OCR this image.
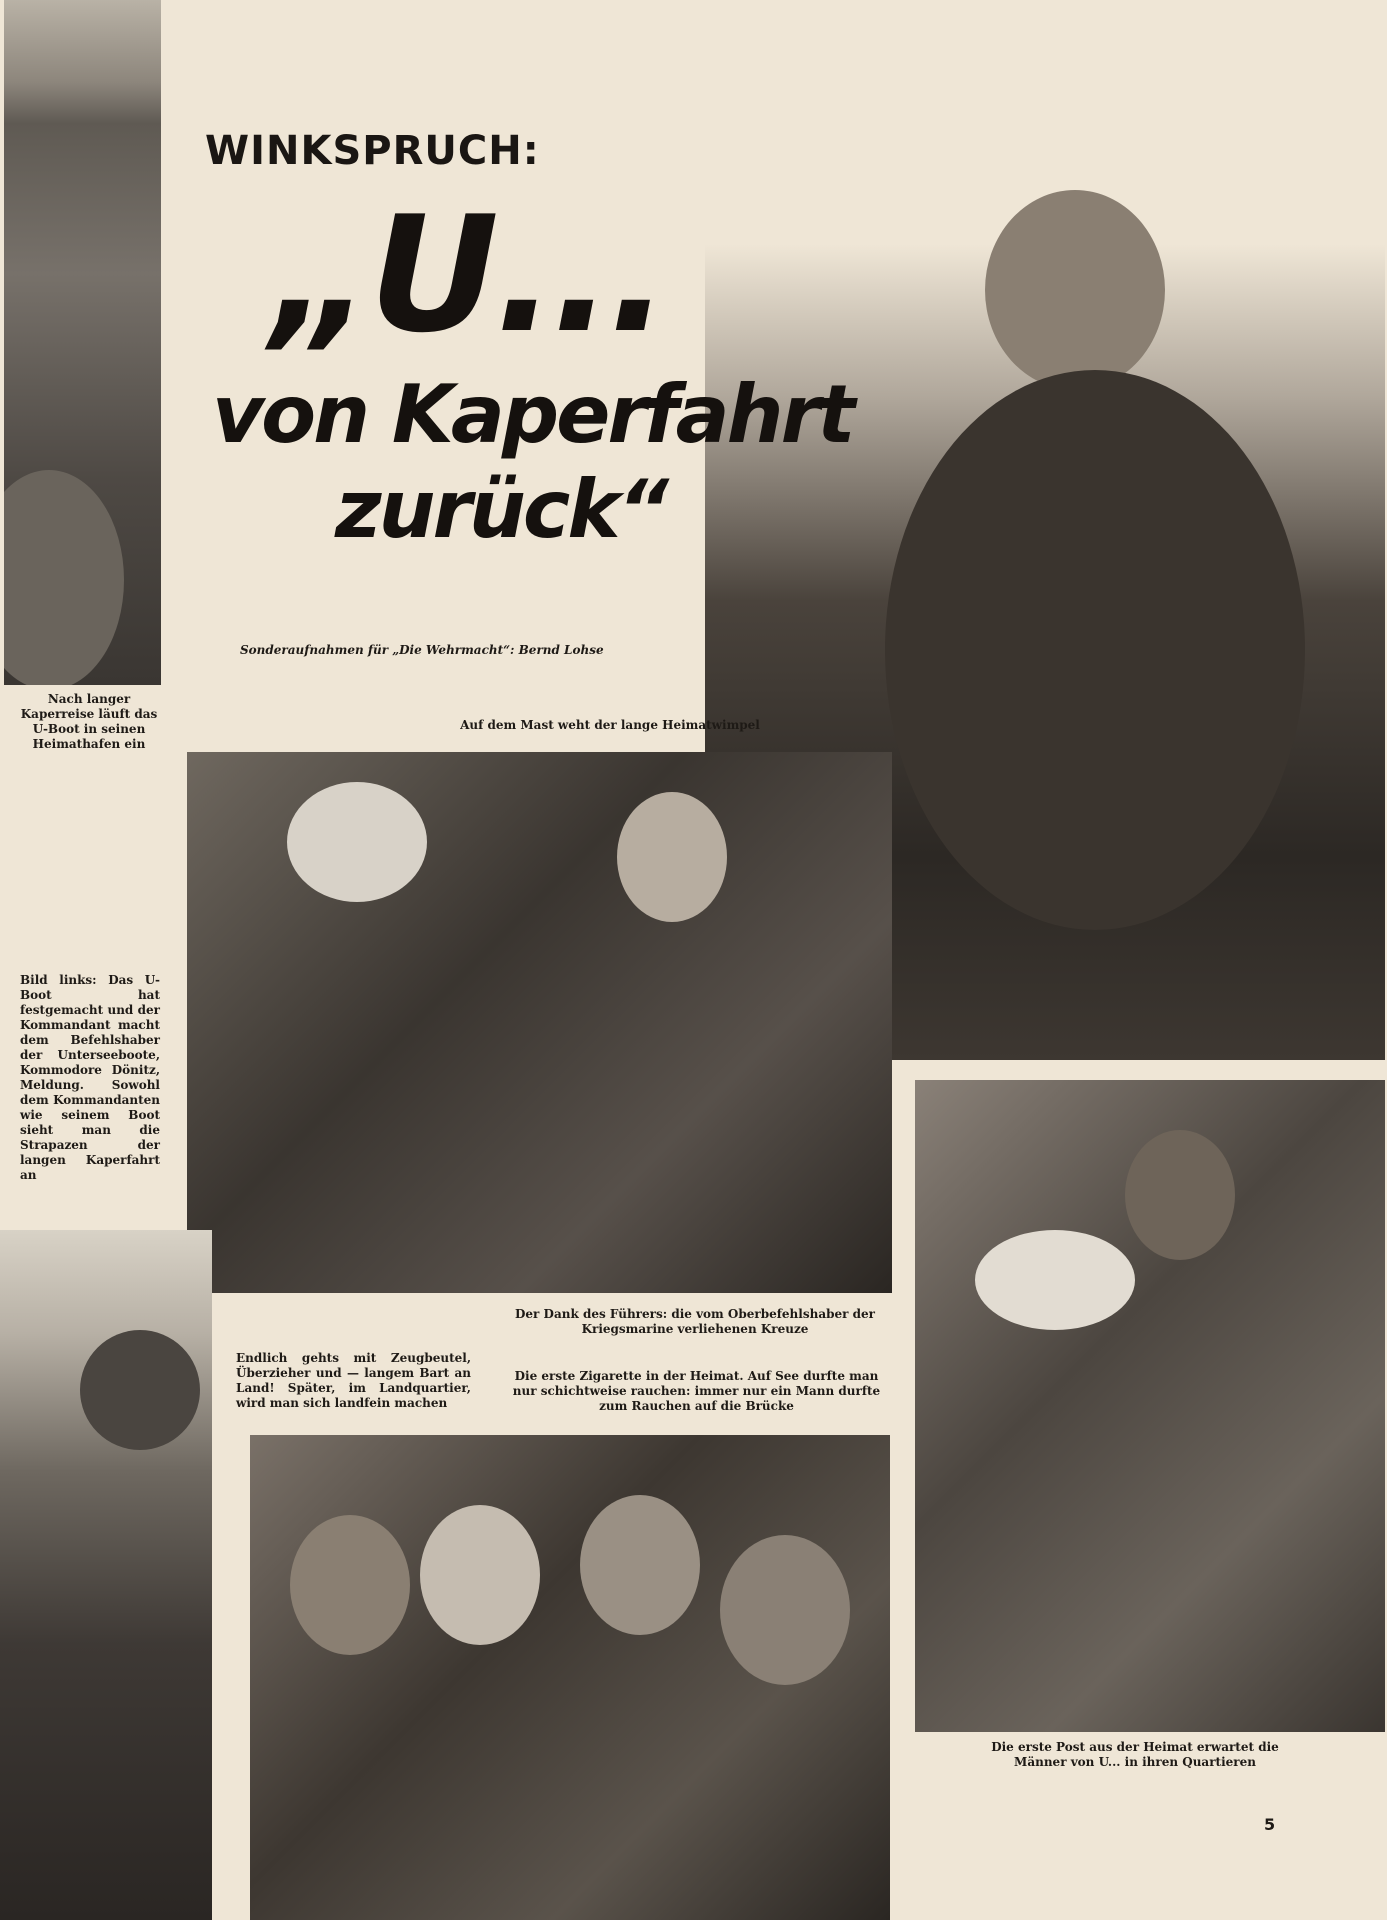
WINKSPRUCH:
„U...
von Kaperfahrt
zurück“
Sonderaufnahmen für „Die Wehrmacht“: Bernd Lohse
Nach langer Kaperreise läuft das U-Boot in seinen Heimathafen ein
Auf dem Mast weht der lange Heimatwimpel
Bild links: Das U-Boot hat festgemacht und der Kommandant macht dem Befehlshaber der Unterseeboote, Kommodore Dönitz, Meldung. Sowohl dem Kommandanten wie seinem Boot sieht man die Strapazen der langen Kaperfahrt an
Der Dank des Führers: die vom Oberbefehlshaber der Kriegsmarine verliehenen Kreuze
Endlich gehts mit Zeugbeutel, Überzieher und — langem Bart an Land! Später, im Landquartier, wird man sich landfein machen
Die erste Zigarette in der Heimat. Auf See durfte man nur schichtweise rauchen: immer nur ein Mann durfte zum Rauchen auf die Brücke
Die erste Post aus der Heimat erwartet die Männer von U... in ihren Quartieren
5
